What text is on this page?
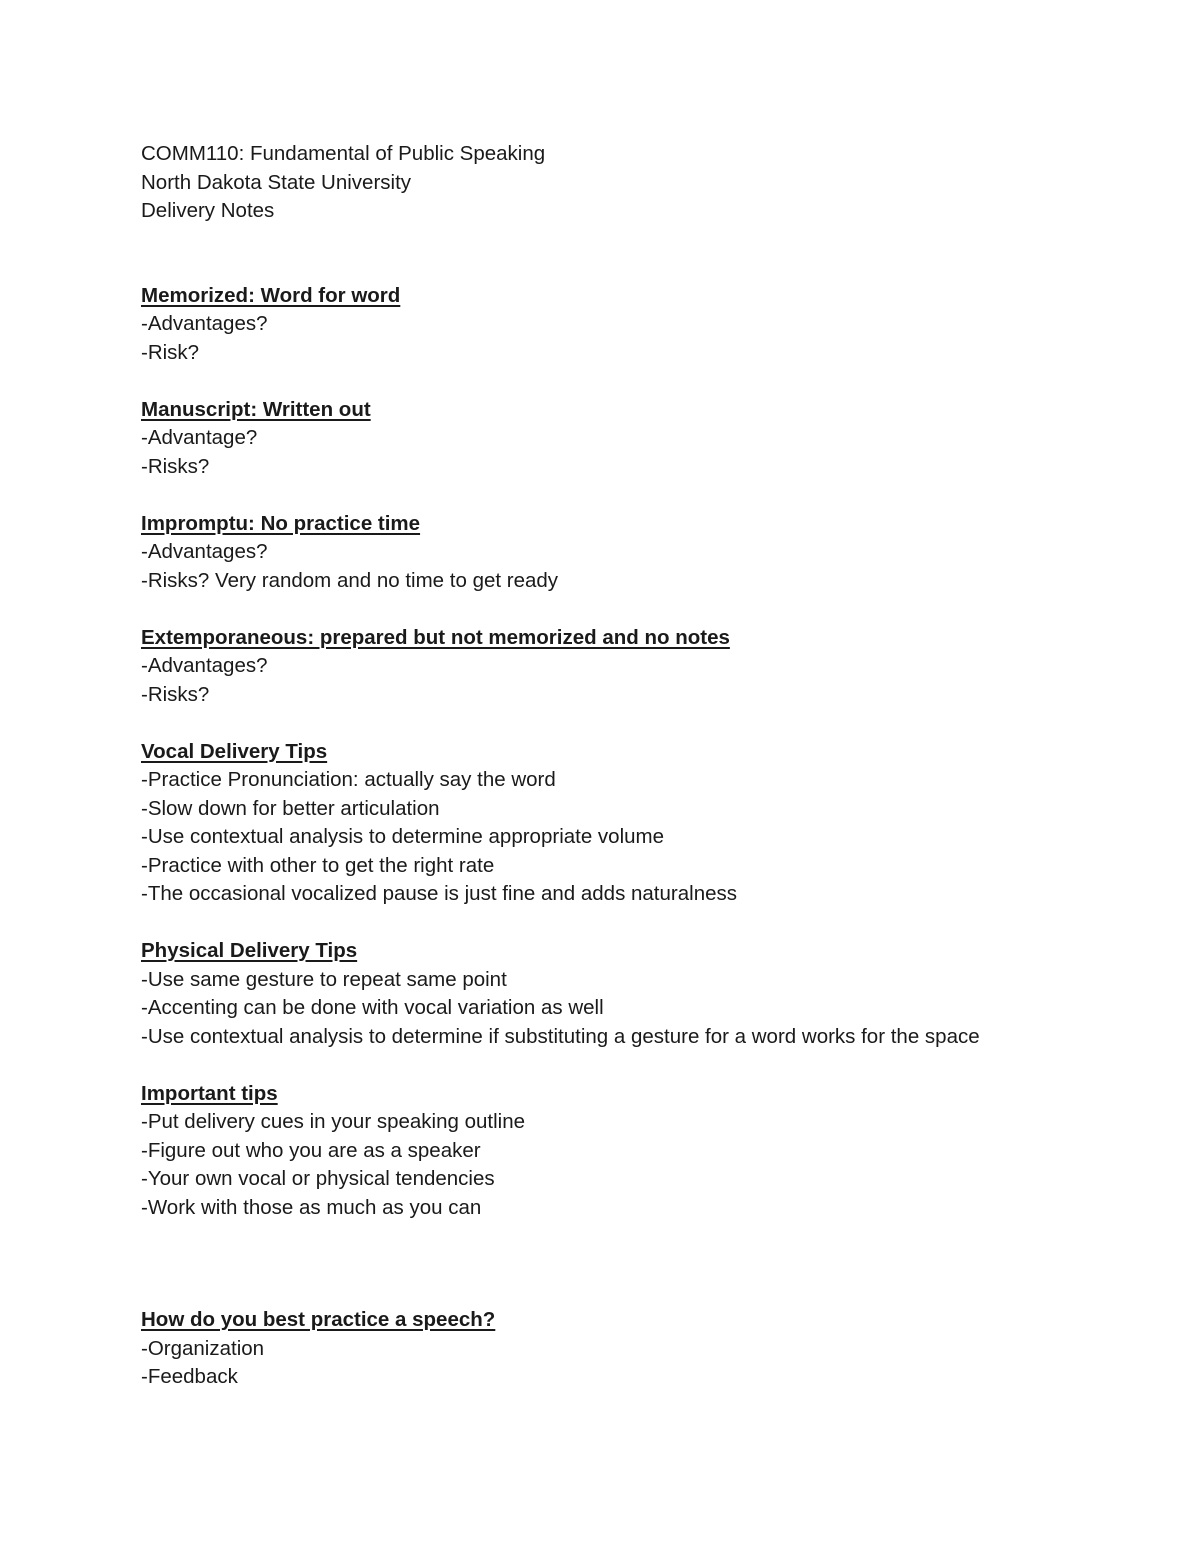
COMM110: Fundamental of Public Speaking
North Dakota State University
Delivery Notes
Memorized: Word for word
-Advantages?
-Risk?
Manuscript: Written out
-Advantage?
-Risks?
Impromptu: No practice time
-Advantages?
-Risks? Very random and no time to get ready
Extemporaneous: prepared but not memorized and no notes
-Advantages?
-Risks?
Vocal Delivery Tips
-Practice Pronunciation: actually say the word
-Slow down for better articulation
-Use contextual analysis to determine appropriate volume
-Practice with other to get the right rate
-The occasional vocalized pause is just fine and adds naturalness
Physical Delivery Tips
-Use same gesture to repeat same point
-Accenting can be done with vocal variation as well
-Use contextual analysis to determine if substituting a gesture for a word works for the space
Important tips
-Put delivery cues in your speaking outline
-Figure out who you are as a speaker
-Your own vocal or physical tendencies
-Work with those as much as you can
How do you best practice a speech?
-Organization
-Feedback
